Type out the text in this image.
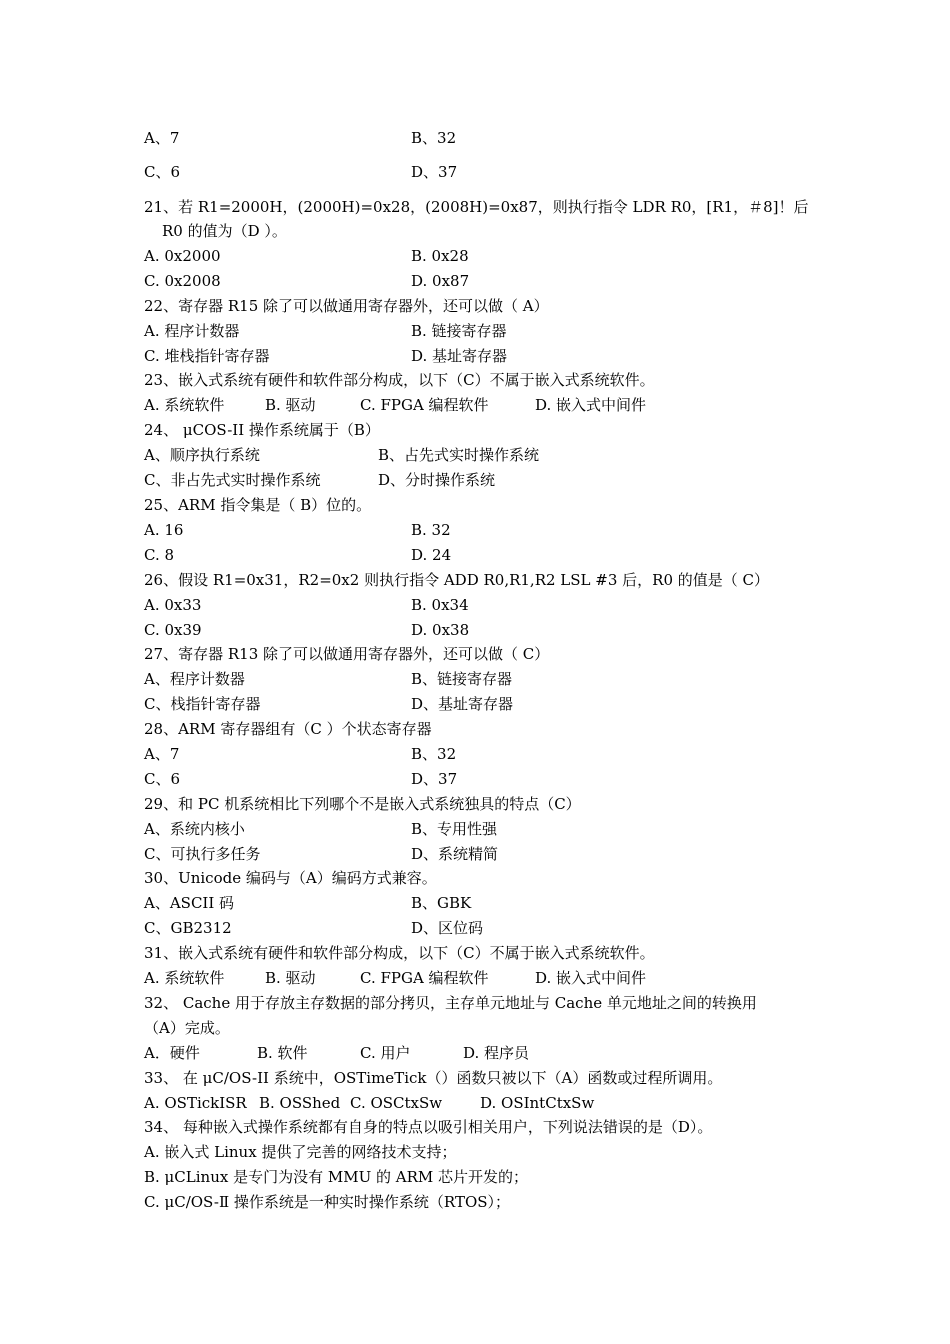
A、7	B、32
C、6	D、37
21、若 R1=2000H，(2000H)=0x28，(2008H)=0x87，则执行指令 LDR R0，[R1，＃8]！后
R0 的值为（D ）。
A. 0x2000	B. 0x28
C. 0x2008	D. 0x87
22、寄存器 R15 除了可以做通用寄存器外，还可以做（ A）
A. 程序计数器	B. 链接寄存器
C. 堆栈指针寄存器	D. 基址寄存器
23、嵌入式系统有硬件和软件部分构成，以下（C）不属于嵌入式系统软件。
A. 系统软件	B. 驱动	C. FPGA 编程软件	D. 嵌入式中间件
24、 μCOS-II 操作系统属于（B）
A、顺序执行系统	B、占先式实时操作系统
C、非占先式实时操作系统	D、分时操作系统
25、ARM 指令集是（ B）位的。
A. 16	B. 32
C. 8	D. 24
26、假设 R1=0x31，R2=0x2 则执行指令 ADD R0,R1,R2 LSL #3 后，R0 的值是（ C）
A. 0x33	B. 0x34
C. 0x39	D. 0x38
27、寄存器 R13 除了可以做通用寄存器外，还可以做（ C）
A、程序计数器	B、链接寄存器
C、栈指针寄存器	D、基址寄存器
28、ARM 寄存器组有（C ）个状态寄存器
A、7	B、32
C、6	D、37
29、和 PC 机系统相比下列哪个不是嵌入式系统独具的特点（C）
A、系统内核小	B、专用性强
C、可执行多任务	D、系统精简
30、Unicode 编码与（A）编码方式兼容。
A、ASCII 码	B、GBK
C、GB2312	D、区位码
31、嵌入式系统有硬件和软件部分构成，以下（C）不属于嵌入式系统软件。
A. 系统软件	B. 驱动	C. FPGA 编程软件	D. 嵌入式中间件
32、 Cache 用于存放主存数据的部分拷贝，主存单元地址与 Cache 单元地址之间的转换用
（A）完成。
A．硬件	B. 软件	C. 用户	D. 程序员
33、 在 μC/OS-II 系统中，OSTimeTick（）函数只被以下（A）函数或过程所调用。
A. OSTickISR B. OSShed C. OSCtxSw	D. OSIntCtxSw
34、 每种嵌入式操作系统都有自身的特点以吸引相关用户，下列说法错误的是（D）。
A. 嵌入式 Linux 提供了完善的网络技术支持；
B. μCLinux 是专门为没有 MMU 的 ARM 芯片开发的；
C. μC/OS-Ⅱ 操作系统是一种实时操作系统（RTOS）；
